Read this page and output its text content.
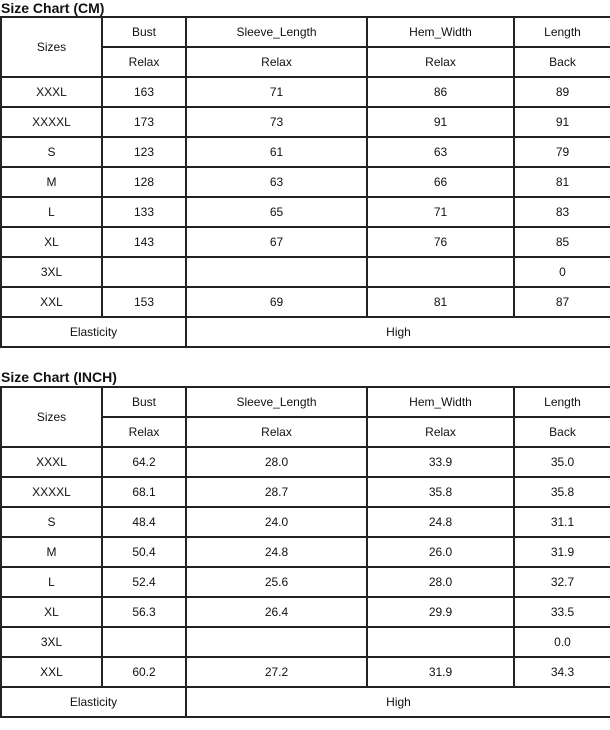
Size Chart (CM)
Sizes	Bust	Sleeve_Length	Hem_Width	Length
	Relax	Relax	Relax	Back
XXXL	163	71	86	89
XXXXL	173	73	91	91
S	123	61	63	79
M	128	63	66	81
L	133	65	71	83
XL	143	67	76	85
3XL				0
XXL	153	69	81	87
Elasticity		High		
Size Chart (INCH)
Sizes	Bust	Sleeve_Length	Hem_Width	Length
	Relax	Relax	Relax	Back
XXXL	64.2	28.0	33.9	35.0
XXXXL	68.1	28.7	35.8	35.8
S	48.4	24.0	24.8	31.1
M	50.4	24.8	26.0	31.9
L	52.4	25.6	28.0	32.7
XL	56.3	26.4	29.9	33.5
3XL				0.0
XXL	60.2	27.2	31.9	34.3
Elasticity		High		
